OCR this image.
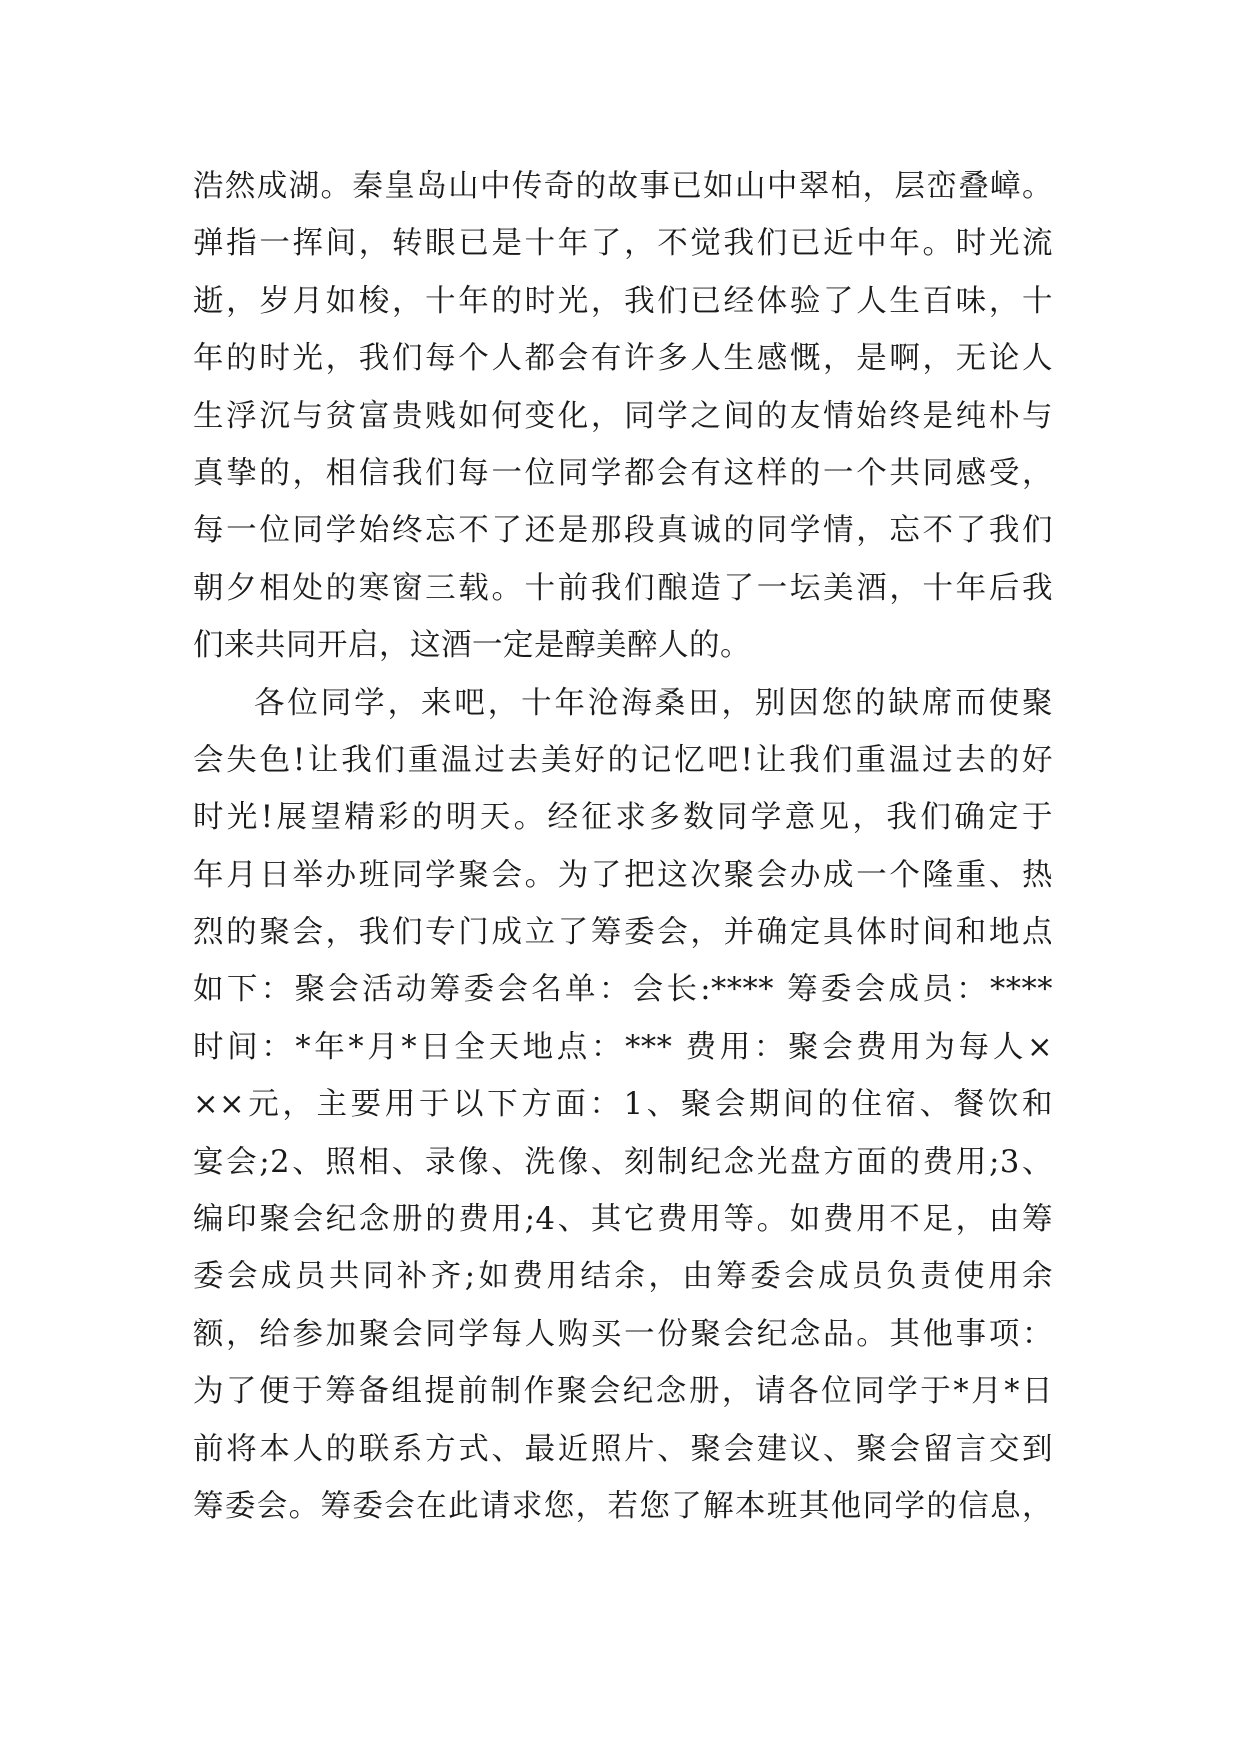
浩然成湖。秦皇岛山中传奇的故事已如山中翠柏，层峦叠嶂。
弹指一挥间，转眼已是十年了，不觉我们已近中年。时光流
逝，岁月如梭，十年的时光，我们已经体验了人生百味，十
年的时光，我们每个人都会有许多人生感慨，是啊，无论人
生浮沉与贫富贵贱如何变化，同学之间的友情始终是纯朴与
真挚的，相信我们每一位同学都会有这样的一个共同感受，
每一位同学始终忘不了还是那段真诚的同学情，忘不了我们
朝夕相处的寒窗三载。十前我们酿造了一坛美酒，十年后我
们来共同开启，这酒一定是醇美醉人的。
各位同学，来吧，十年沧海桑田，别因您的缺席而使聚
会失色!让我们重温过去美好的记忆吧!让我们重温过去的好
时光!展望精彩的明天。经征求多数同学意见，我们确定于
年月日举办班同学聚会。为了把这次聚会办成一个隆重、热
烈的聚会，我们专门成立了筹委会，并确定具体时间和地点
如下：聚会活动筹委会名单：会长:**** 筹委会成员：****
时间：*年*月*日全天地点：*** 费用：聚会费用为每人×
××元，主要用于以下方面：1、聚会期间的住宿、餐饮和
宴会;2、照相、录像、洗像、刻制纪念光盘方面的费用;3、
编印聚会纪念册的费用;4、其它费用等。如费用不足，由筹
委会成员共同补齐;如费用结余，由筹委会成员负责使用余
额，给参加聚会同学每人购买一份聚会纪念品。其他事项：
为了便于筹备组提前制作聚会纪念册，请各位同学于*月*日
前将本人的联系方式、最近照片、聚会建议、聚会留言交到
筹委会。筹委会在此请求您，若您了解本班其他同学的信息，
